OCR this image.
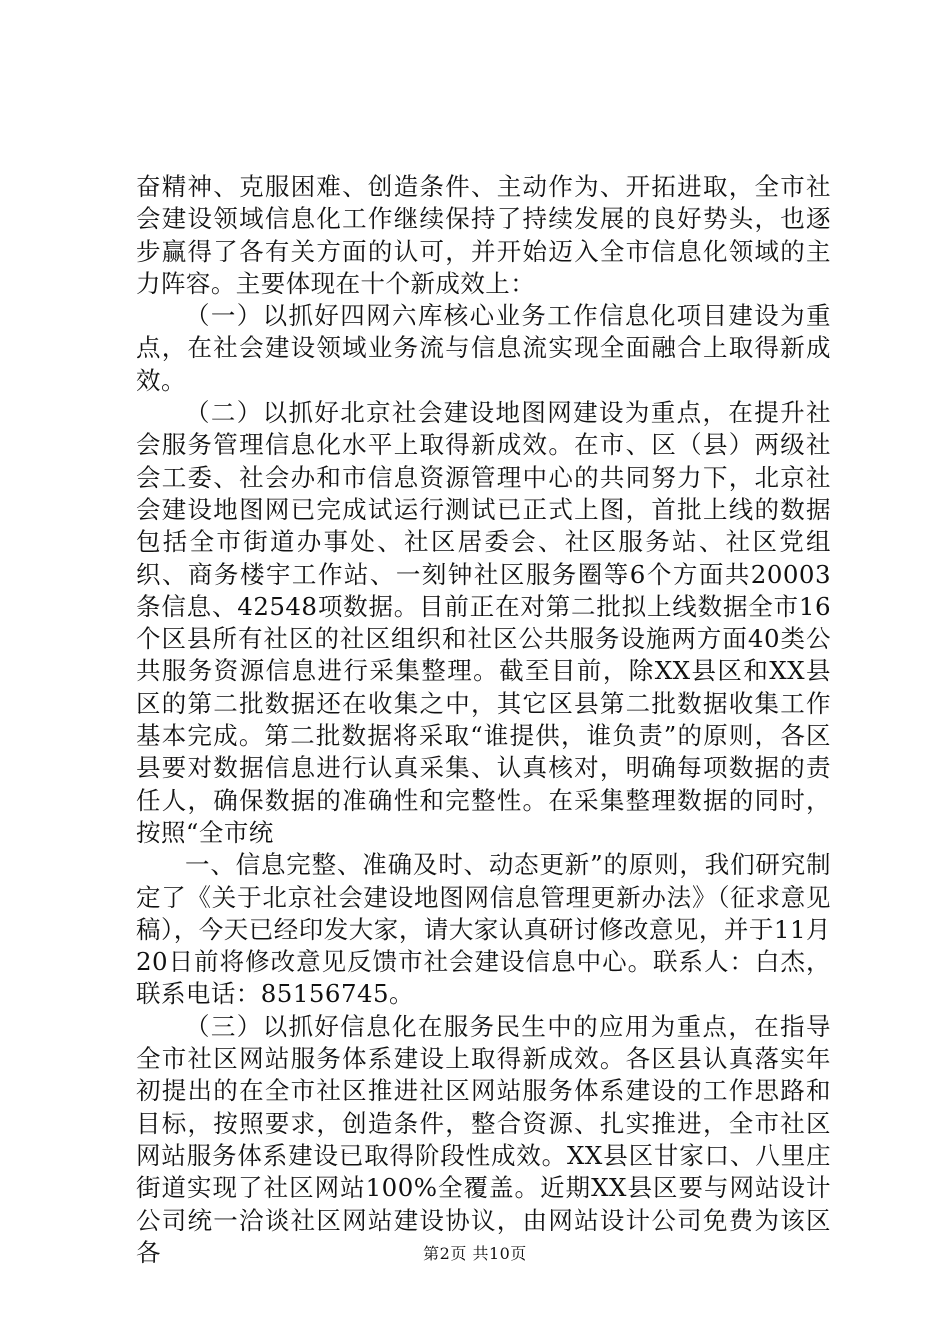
奋精神、克服困难、创造条件、主动作为、开拓进取，全市社会建设领域信息化工作继续保持了持续发展的良好势头，也逐步赢得了各有关方面的认可，并开始迈入全市信息化领域的主力阵容。主要体现在十个新成效上：

（一）以抓好四网六库核心业务工作信息化项目建设为重点，在社会建设领域业务流与信息流实现全面融合上取得新成效。

（二）以抓好北京社会建设地图网建设为重点，在提升社会服务管理信息化水平上取得新成效。在市、区（县）两级社会工委、社会办和市信息资源管理中心的共同努力下，北京社会建设地图网已完成试运行测试已正式上图，首批上线的数据包括全市街道办事处、社区居委会、社区服务站、社区党组织、商务楼宇工作站、一刻钟社区服务圈等6个方面共20003条信息、42548项数据。目前正在对第二批拟上线数据全市16个区县所有社区的社区组织和社区公共服务设施两方面40类公共服务资源信息进行采集整理。截至目前，除XX县区和XX县区的第二批数据还在收集之中，其它区县第二批数据收集工作基本完成。第二批数据将采取“谁提供，谁负责”的原则，各区县要对数据信息进行认真采集、认真核对，明确每项数据的责任人，确保数据的准确性和完整性。在采集整理数据的同时，按照“全市统

一、信息完整、准确及时、动态更新”的原则，我们研究制定了《关于北京社会建设地图网信息管理更新办法》（征求意见稿），今天已经印发大家，请大家认真研讨修改意见，并于11月20日前将修改意见反馈市社会建设信息中心。联系人：白杰，联系电话：85156745。

（三）以抓好信息化在服务民生中的应用为重点，在指导全市社区网站服务体系建设上取得新成效。各区县认真落实年初提出的在全市社区推进社区网站服务体系建设的工作思路和目标，按照要求，创造条件，整合资源、扎实推进，全市社区网站服务体系建设已取得阶段性成效。XX县区甘家口、八里庄街道实现了社区网站100%全覆盖。近期XX县区要与网站设计公司统一洽谈社区网站建设协议，由网站设计公司免费为该区各	第2页 共10页
